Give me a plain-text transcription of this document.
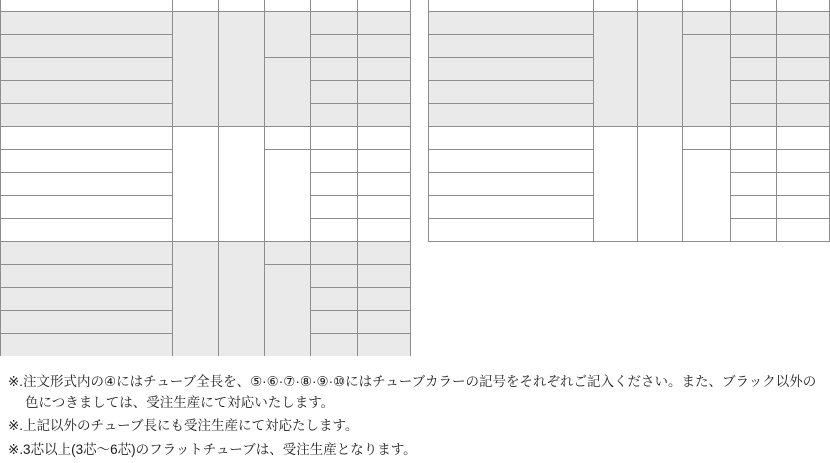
※.注文形式内の④にはチューブ全長を、⑤·⑥·⑦·⑧·⑨·⑩にはチューブカラーの記号をそれぞれご記入ください。また、ブラック以外の色につきましては、受注生産にて対応いたします。
※.上記以外のチューブ長にも受注生産にて対応たします。
※.3芯以上(3芯～6芯)のフラットチューブは、受注生産となります。
